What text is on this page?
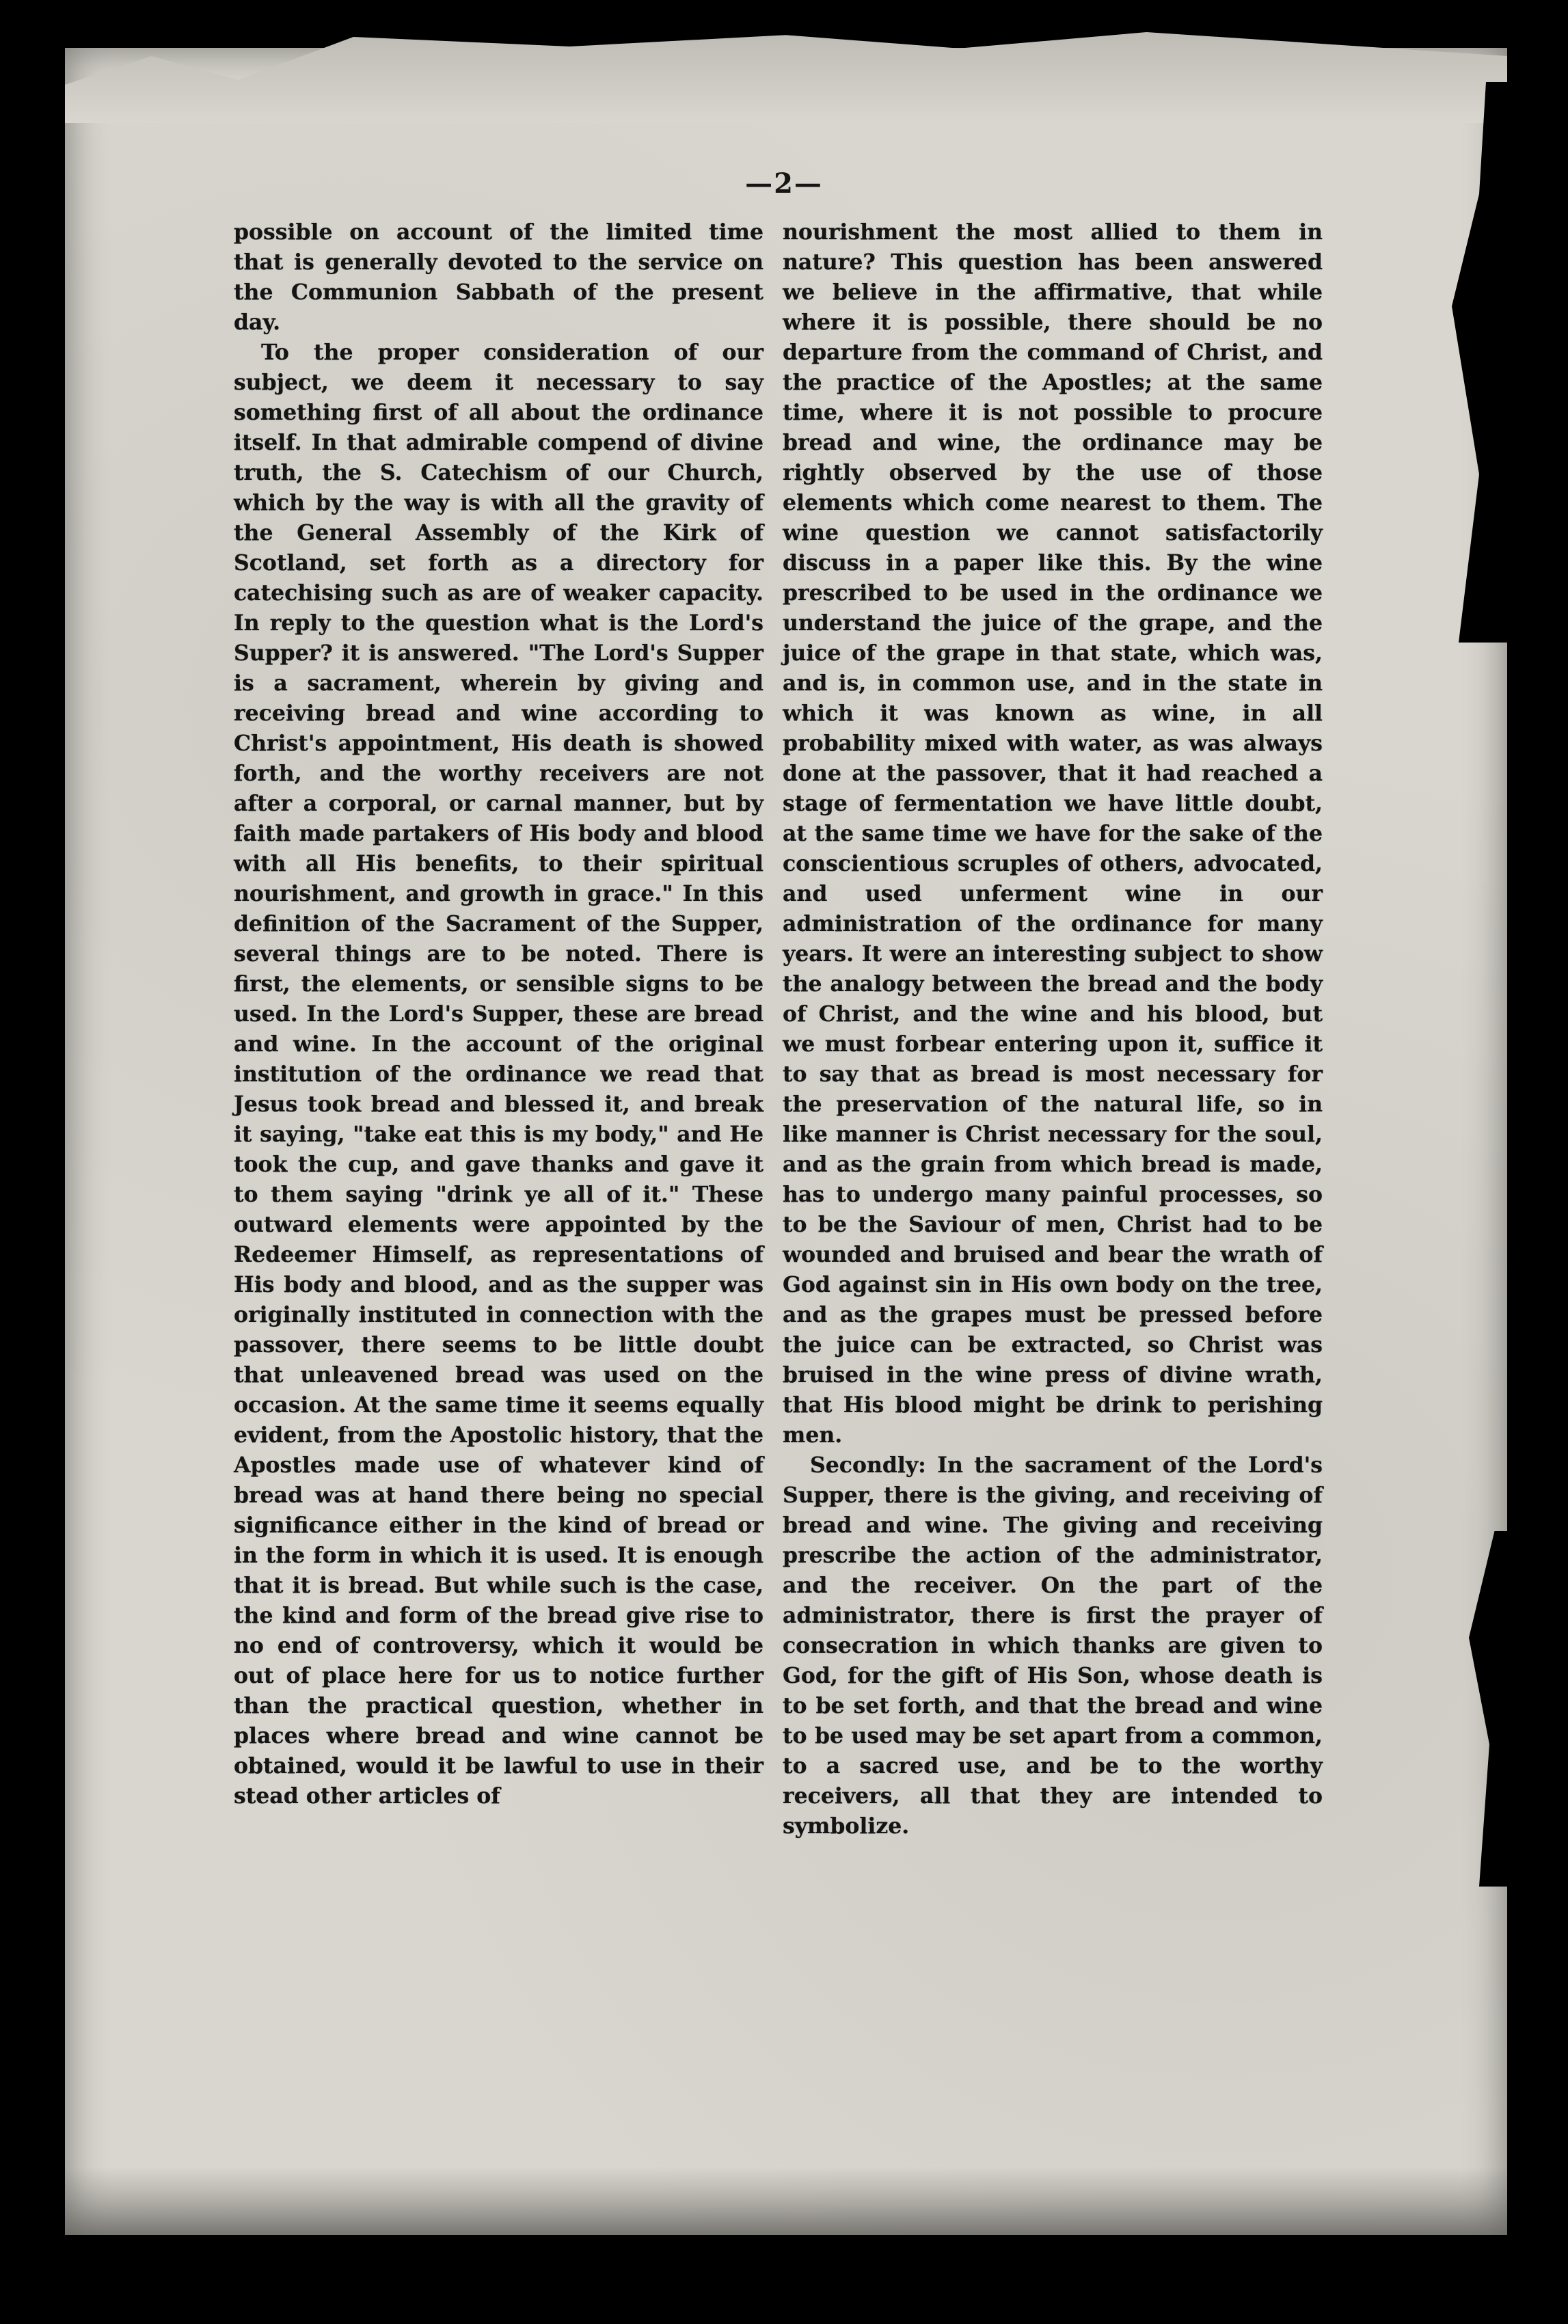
—2—

possible on account of the limited time that is generally devoted to the service on the Communion Sabbath of the present day.

To the proper consideration of our subject, we deem it necessary to say something first of all about the ordinance itself. In that admirable compend of divine truth, the S. Catechism of our Church, which by the way is with all the gravity of the General Assembly of the Kirk of Scotland, set forth as a directory for catechising such as are of weaker capacity. In reply to the question what is the Lord's Supper? it is answered. "The Lord's Supper is a sacrament, wherein by giving and receiving bread and wine according to Christ's appointment, His death is showed forth, and the worthy receivers are not after a corporal, or carnal manner, but by faith made partakers of His body and blood with all His benefits, to their spiritual nourishment, and growth in grace." In this definition of the Sacrament of the Supper, several things are to be noted. There is first, the elements, or sensible signs to be used. In the Lord's Supper, these are bread and wine. In the account of the original institution of the ordinance we read that Jesus took bread and blessed it, and break it saying, "take eat this is my body," and He took the cup, and gave thanks and gave it to them saying "drink ye all of it." These outward elements were appointed by the Redeemer Himself, as representations of His body and blood, and as the supper was originally instituted in connection with the passover, there seems to be little doubt that unleavened bread was used on the occasion. At the same time it seems equally evident, from the Apostolic history, that the Apostles made use of whatever kind of bread was at hand there being no special significance either in the kind of bread or in the form in which it is used. It is enough that it is bread. But while such is the case, the kind and form of the bread give rise to no end of controversy, which it would be out of place here for us to notice further than the practical question, whether in places where bread and wine cannot be obtained, would it be lawful to use in their stead other articles of

nourishment the most allied to them in nature? This question has been answered we believe in the affirmative, that while where it is possible, there should be no departure from the command of Christ, and the practice of the Apostles; at the same time, where it is not possible to procure bread and wine, the ordinance may be rightly observed by the use of those elements which come nearest to them. The wine question we cannot satisfactorily discuss in a paper like this. By the wine prescribed to be used in the ordinance we understand the juice of the grape, and the juice of the grape in that state, which was, and is, in common use, and in the state in which it was known as wine, in all probability mixed with water, as was always done at the passover, that it had reached a stage of fermentation we have little doubt, at the same time we have for the sake of the conscientious scruples of others, advocated, and used unferment wine in our administration of the ordinance for many years. It were an interesting subject to show the analogy between the bread and the body of Christ, and the wine and his blood, but we must forbear entering upon it, suffice it to say that as bread is most necessary for the preservation of the natural life, so in like manner is Christ necessary for the soul, and as the grain from which bread is made, has to undergo many painful processes, so to be the Saviour of men, Christ had to be wounded and bruised and bear the wrath of God against sin in His own body on the tree, and as the grapes must be pressed before the juice can be extracted, so Christ was bruised in the wine press of divine wrath, that His blood might be drink to perishing men.

Secondly: In the sacrament of the Lord's Supper, there is the giving, and receiving of bread and wine. The giving and receiving prescribe the action of the administrator, and the receiver. On the part of the administrator, there is first the prayer of consecration in which thanks are given to God, for the gift of His Son, whose death is to be set forth, and that the bread and wine to be used may be set apart from a common, to a sacred use, and be to the worthy receivers, all that they are intended to symbolize.
